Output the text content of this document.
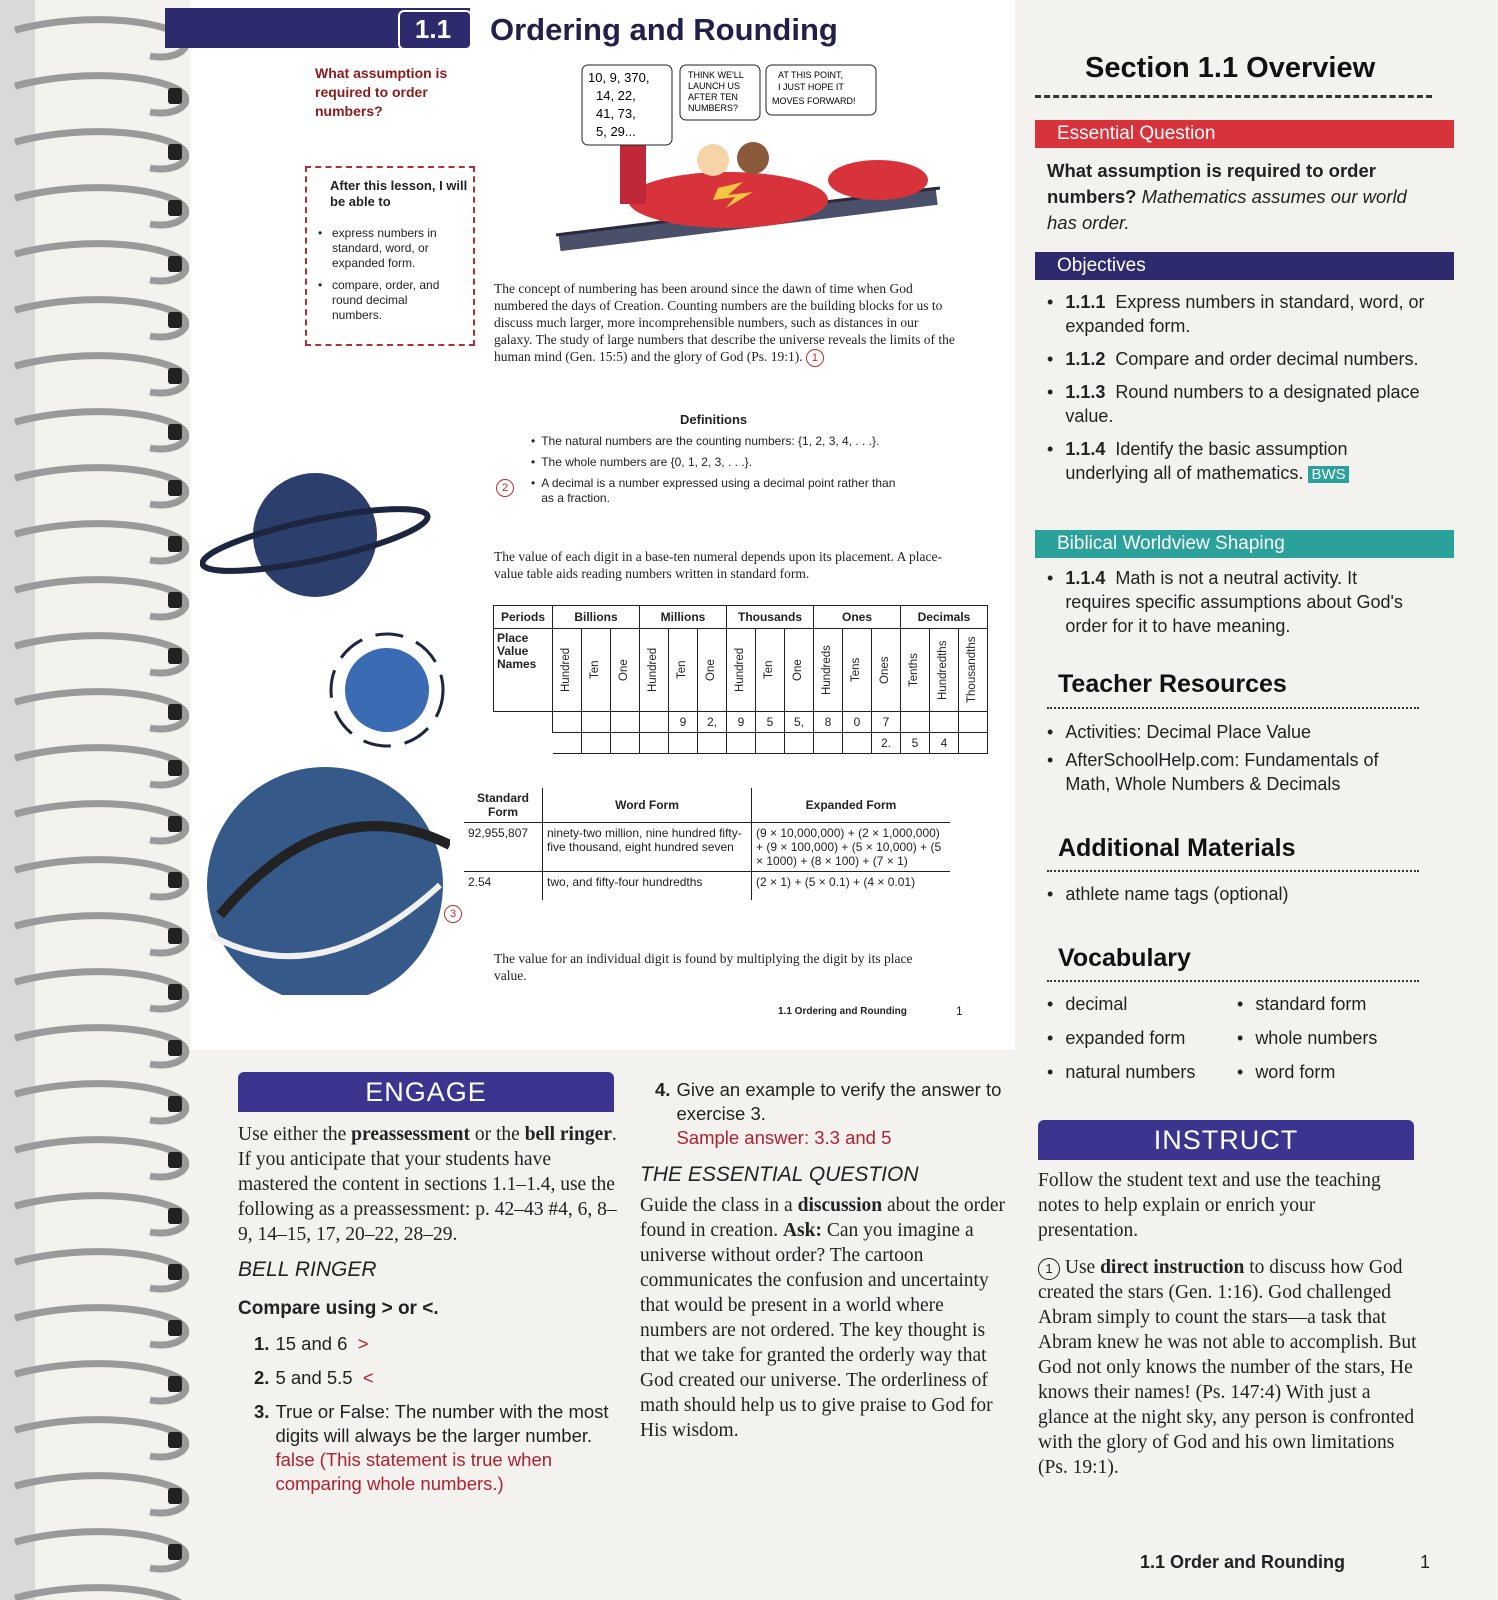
1.1	Ordering and Rounding
What assumption is required to order numbers?
After this lesson, I will be able to
• express numbers in standard, word, or expanded form.
• compare, order, and round decimal numbers.
10, 9, 370,
14, 22,
41, 73,
5, 29...
THINK WE'LL
LAUNCH US
AFTER TEN
NUMBERS?
AT THIS POINT,
I JUST HOPE IT
MOVES FORWARD!
The concept of numbering has been around since the dawn of time when God numbered the days of Creation. Counting numbers are the building blocks for us to discuss much larger, more incomprehensible numbers, such as distances in our galaxy. The study of large numbers that describe the universe reveals the limits of the human mind (Gen. 15:5) and the glory of God (Ps. 19:1). 1
Definitions
2
• The natural numbers are the counting numbers: {1, 2, 3, 4, . . .}.
• The whole numbers are {0, 1, 2, 3, . . .}.
• A decimal is a number expressed using a decimal point rather than as a fraction.
The value of each digit in a base-ten numeral depends upon its placement. A place-value table aids reading numbers written in standard form.
Periods	Billions			Millions			Thousands			Ones			Decimals		
Place Value Names	Hundred	Ten	One	Hundred	Ten	One	Hundred	Ten	One	Hundreds	Tens	Ones	Tenths	Hundredths	Thousandths

					9	2,	9	5	5,	8	0	7			
												2.	5	4	
Standard Form	Word Form	Expanded Form
92,955,807	ninety-two million, nine hundred fifty-five thousand, eight hundred seven	(9 × 10,000,000) + (2 × 1,000,000) + (9 × 100,000) + (5 × 10,000) + (5 × 1000) + (8 × 100) + (7 × 1)
2.54	two, and fifty-four hundredths	(2 × 1) + (5 × 0.1) + (4 × 0.01)
3
The value for an individual digit is found by multiplying the digit by its place value.
1.1 Ordering and Rounding	1
Section 1.1 Overview
Essential Question
What assumption is required to order numbers? Mathematics assumes our world has order.
Objectives
• 1.1.1 Express numbers in standard, word, or expanded form.
• 1.1.2 Compare and order decimal numbers.
• 1.1.3 Round numbers to a designated place value.
• 1.1.4 Identify the basic assumption underlying all of mathematics. BWS
Biblical Worldview Shaping
• 1.1.4 Math is not a neutral activity. It requires specific assumptions about God's order for it to have meaning.
Teacher Resources
• Activities: Decimal Place Value
• AfterSchoolHelp.com: Fundamentals of Math, Whole Numbers & Decimals
Additional Materials
• athlete name tags (optional)
Vocabulary
• decimal
• expanded form
• natural numbers
• standard form
• whole numbers
• word form
ENGAGE
Use either the preassessment or the bell ringer. If you anticipate that your students have mastered the content in sections 1.1–1.4, use the following as a preassessment: p. 42–43 #4, 6, 8–9, 14–15, 17, 20–22, 28–29.
BELL RINGER
Compare using > or <.
1. 15 and 6 >
2. 5 and 5.5 <
3. True or False: The number with the most digits will always be the larger number.  false (This statement is true when comparing whole numbers.)
4. Give an example to verify the answer to exercise 3.
Sample answer: 3.3 and 5
THE ESSENTIAL QUESTION
Guide the class in a discussion about the order found in creation. Ask: Can you imagine a universe without order? The cartoon communicates the confusion and uncertainty that would be present in a world where numbers are not ordered. The key thought is that we take for granted the orderly way that God created our universe. The orderliness of math should help us to give praise to God for His wisdom.
INSTRUCT
Follow the student text and use the teaching notes to help explain or enrich your presentation.
1 Use direct instruction to discuss how God created the stars (Gen. 1:16). God challenged Abram simply to count the stars—a task that Abram knew he was not able to accomplish. But God not only knows the number of the stars, He knows their names! (Ps. 147:4) With just a glance at the night sky, any person is confronted with the glory of God and his own limitations (Ps. 19:1).
1.1 Order and Rounding	1
